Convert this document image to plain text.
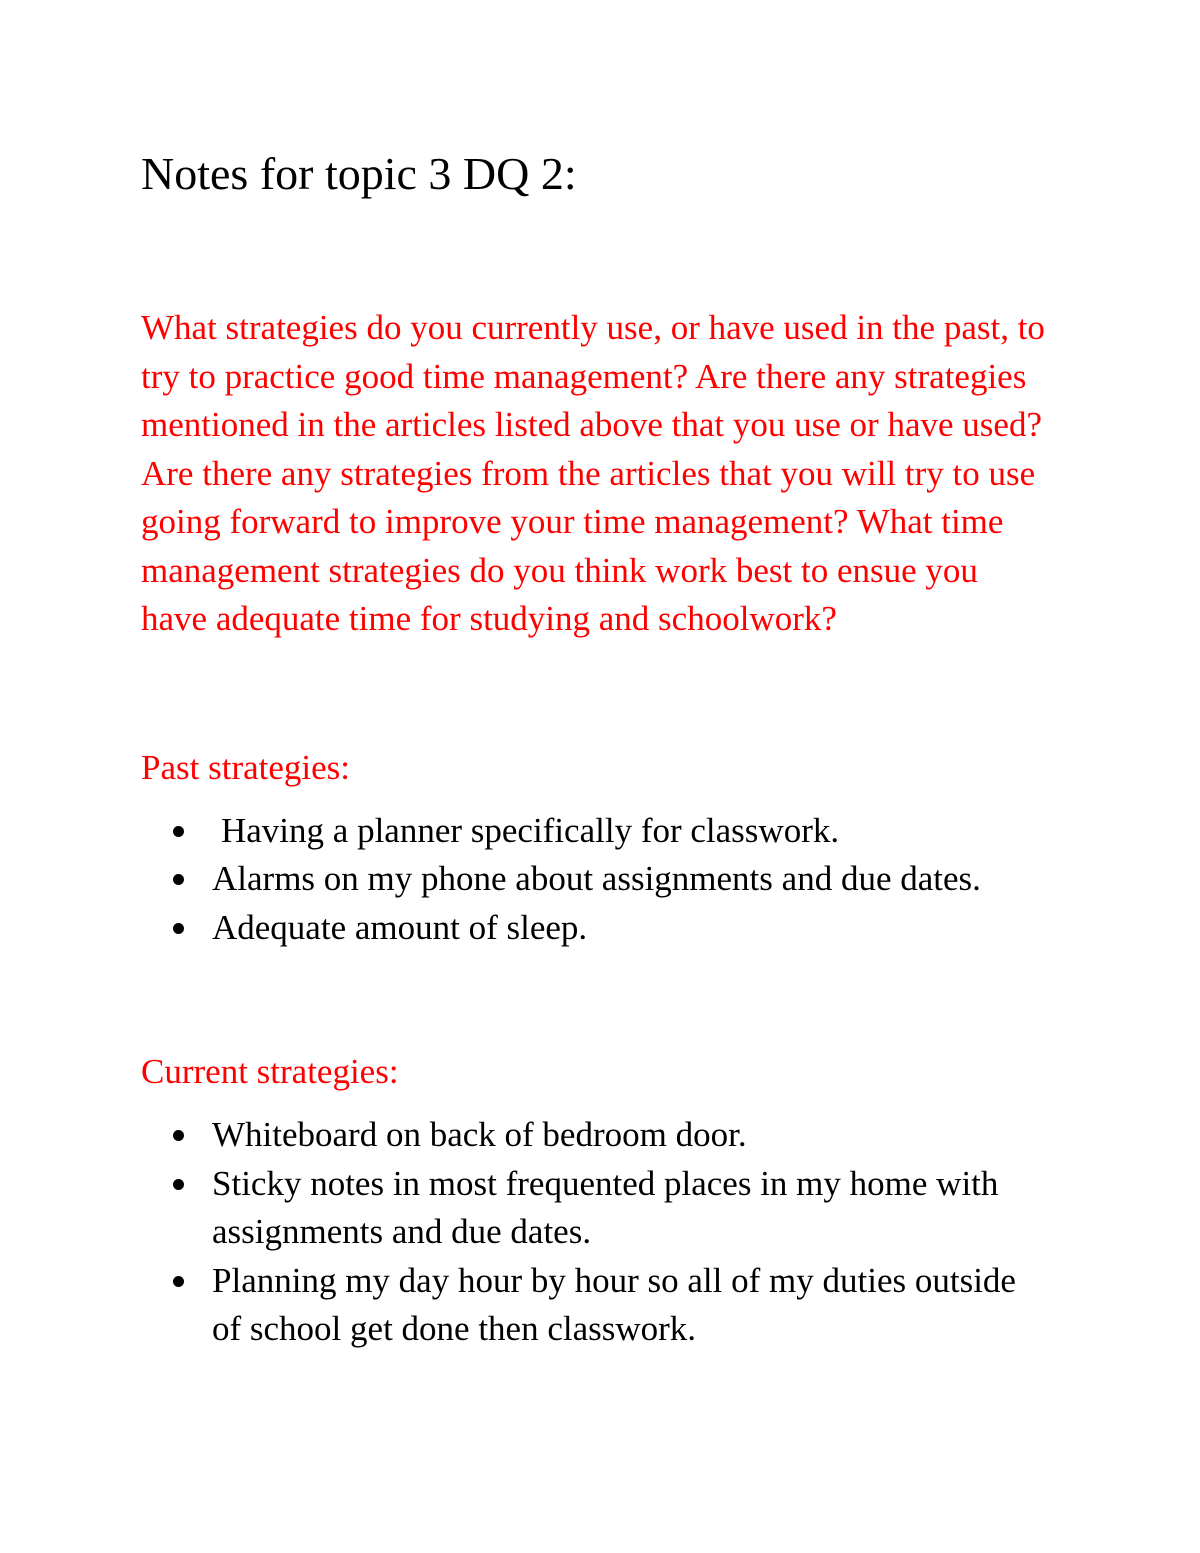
Notes for topic 3 DQ 2:

What strategies do you currently use, or have used in the past, to try to practice good time management? Are there any strategies mentioned in the articles listed above that you use or have used? Are there any strategies from the articles that you will try to use going forward to improve your time management? What time management strategies do you think work best to ensue you have adequate time for studying and schoolwork?

Past strategies:
Having a planner specifically for classwork.
Alarms on my phone about assignments and due dates.
Adequate amount of sleep.
Current strategies:
Whiteboard on back of bedroom door.
Sticky notes in most frequented places in my home with assignments and due dates.
Planning my day hour by hour so all of my duties outside of school get done then classwork.
